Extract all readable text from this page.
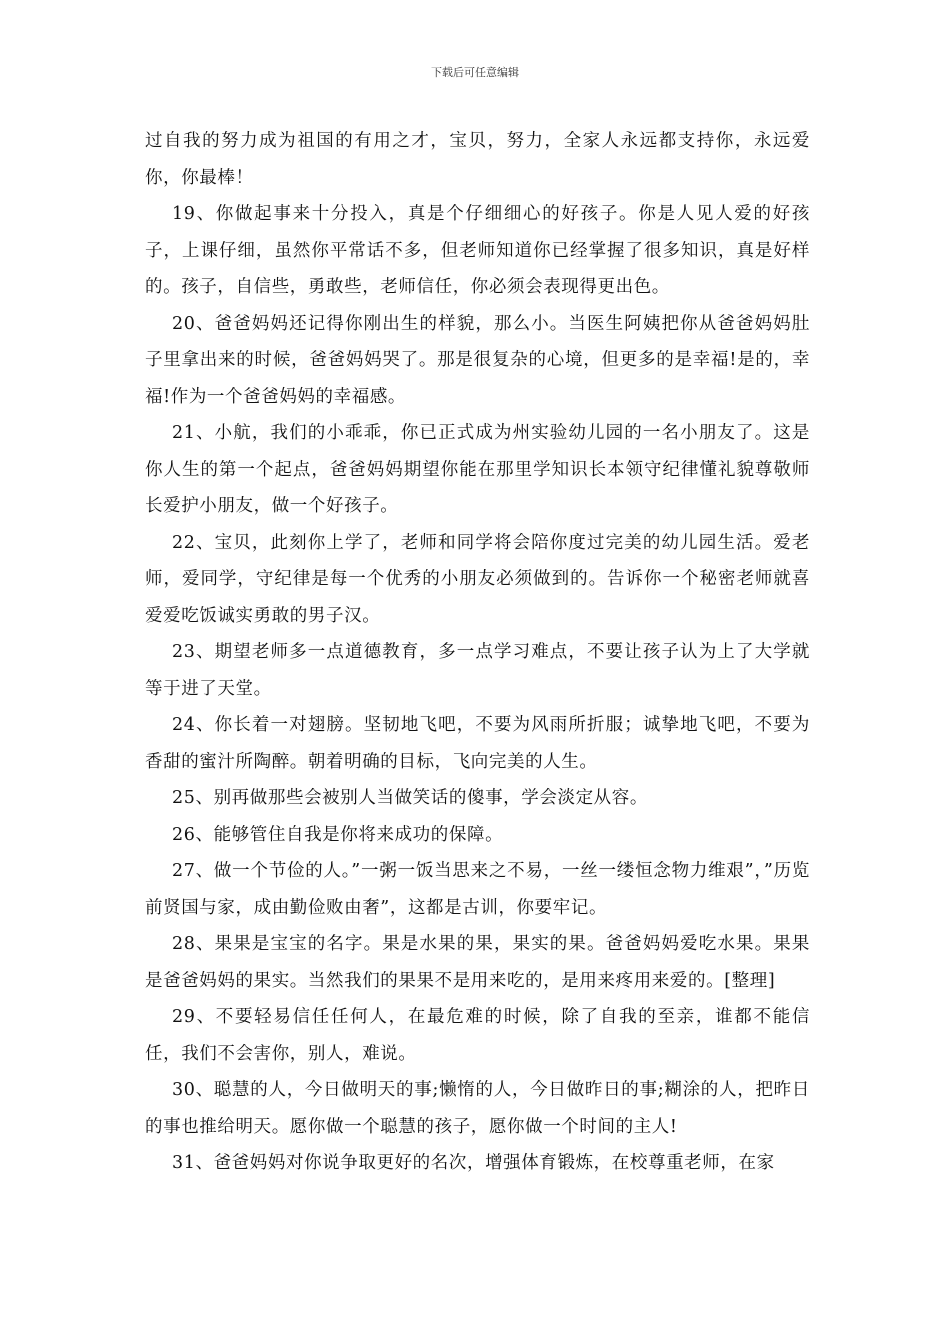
下载后可任意编辑

过自我的努力成为祖国的有用之才，宝贝，努力，全家人永远都支持你，永远爱你，你最棒！

19、你做起事来十分投入，真是个仔细细心的好孩子。你是人见人爱的好孩子，上课仔细，虽然你平常话不多，但老师知道你已经掌握了很多知识，真是好样的。孩子，自信些，勇敢些，老师信任，你必须会表现得更出色。

20、爸爸妈妈还记得你刚出生的样貌，那么小。当医生阿姨把你从爸爸妈妈肚子里拿出来的时候，爸爸妈妈哭了。那是很复杂的心境，但更多的是幸福!是的，幸福!作为一个爸爸妈妈的幸福感。

21、小航，我们的小乖乖，你已正式成为州实验幼儿园的一名小朋友了。这是你人生的第一个起点，爸爸妈妈期望你能在那里学知识长本领守纪律懂礼貌尊敬师长爱护小朋友，做一个好孩子。

22、宝贝，此刻你上学了，老师和同学将会陪你度过完美的幼儿园生活。爱老师，爱同学，守纪律是每一个优秀的小朋友必须做到的。告诉你一个秘密老师就喜爱爱吃饭诚实勇敢的男子汉。

23、期望老师多一点道德教育，多一点学习难点，不要让孩子认为上了大学就等于进了天堂。

24、你长着一对翅膀。坚韧地飞吧，不要为风雨所折服；诚挚地飞吧，不要为香甜的蜜汁所陶醉。朝着明确的目标，飞向完美的人生。

25、别再做那些会被别人当做笑话的傻事，学会淡定从容。

26、能够管住自我是你将来成功的保障。

27、做一个节俭的人。”一粥一饭当思来之不易，一丝一缕恒念物力维艰”，”历览前贤国与家，成由勤俭败由奢”，这都是古训，你要牢记。

28、果果是宝宝的名字。果是水果的果，果实的果。爸爸妈妈爱吃水果。果果是爸爸妈妈的果实。当然我们的果果不是用来吃的，是用来疼用来爱的。[整理]

29、不要轻易信任任何人，在最危难的时候，除了自我的至亲，谁都不能信任，我们不会害你，别人，难说。

30、聪慧的人，今日做明天的事;懒惰的人，今日做昨日的事;糊涂的人，把昨日的事也推给明天。愿你做一个聪慧的孩子，愿你做一个时间的主人!

31、爸爸妈妈对你说争取更好的名次，增强体育锻炼，在校尊重老师，在家
